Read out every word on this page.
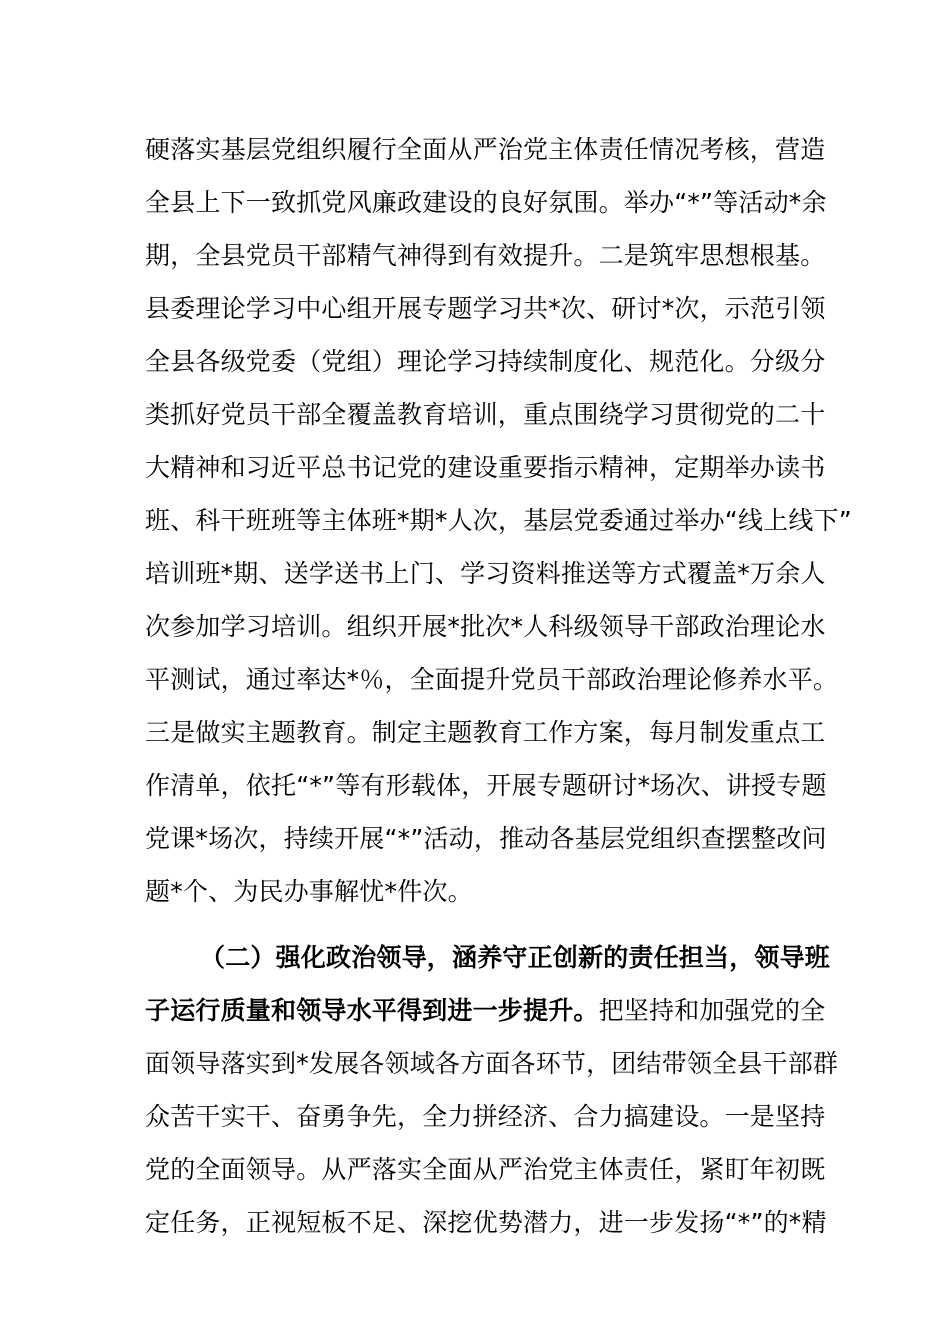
硬落实基层党组织履行全面从严治党主体责任情况考核，营造
全县上下一致抓党风廉政建设的良好氛围。举办“*”等活动*余
期，全县党员干部精气神得到有效提升。二是筑牢思想根基。
县委理论学习中心组开展专题学习共*次、研讨*次，示范引领
全县各级党委（党组）理论学习持续制度化、规范化。分级分
类抓好党员干部全覆盖教育培训，重点围绕学习贯彻党的二十
大精神和习近平总书记党的建设重要指示精神，定期举办读书
班、科干班班等主体班*期*人次，基层党委通过举办“线上线下”
培训班*期、送学送书上门、学习资料推送等方式覆盖*万余人
次参加学习培训。组织开展*批次*人科级领导干部政治理论水
平测试，通过率达*％，全面提升党员干部政治理论修养水平。
三是做实主题教育。制定主题教育工作方案，每月制发重点工
作清单，依托“*”等有形载体，开展专题研讨*场次、讲授专题
党课*场次，持续开展“*”活动，推动各基层党组织查摆整改问
题*个、为民办事解忧*件次。
（二）强化政治领导，涵养守正创新的责任担当，领导班
子运行质量和领导水平得到进一步提升。把坚持和加强党的全
面领导落实到*发展各领域各方面各环节，团结带领全县干部群
众苦干实干、奋勇争先，全力拼经济、合力搞建设。一是坚持
党的全面领导。从严落实全面从严治党主体责任，紧盯年初既
定任务，正视短板不足、深挖优势潜力，进一步发扬“*”的*精
